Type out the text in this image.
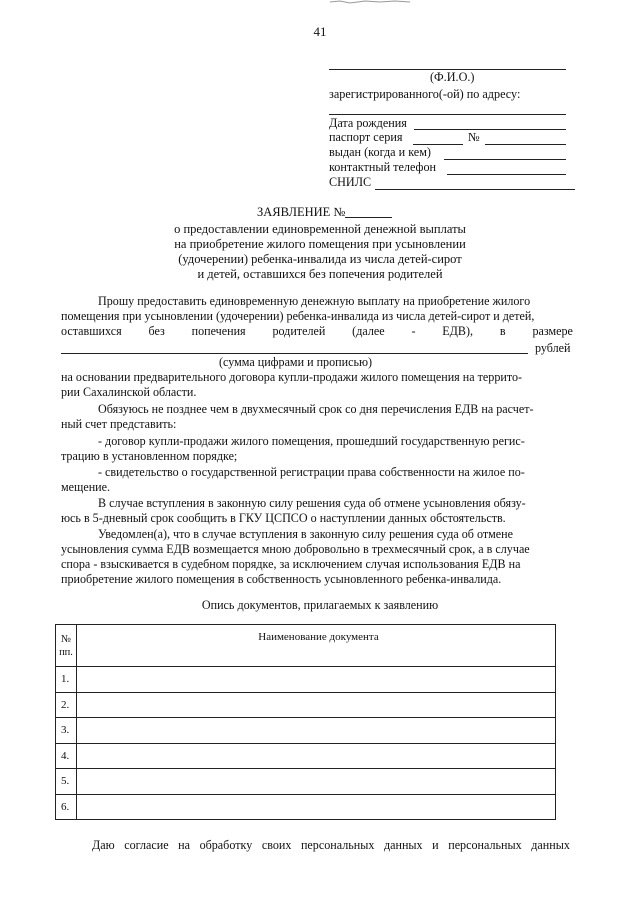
41
(Ф.И.О.)
зарегистрированного(-ой) по адресу:
Дата рождения
паспорт серия	№
выдан (когда и кем)
контактный телефон
СНИЛС
ЗАЯВЛЕНИЕ №
о предоставлении единовременной денежной выплаты
на приобретение жилого помещения при усыновлении
(удочерении) ребенка-инвалида из числа детей-сирот
и детей, оставшихся без попечения родителей
Прошу предоставить единовременную денежную выплату на приобретение жилого
помещения при усыновлении (удочерении) ребенка-инвалида из числа детей-сирот и детей,
оставшихся без попечения родителей (далее - ЕДВ), в размере
рублей
(сумма цифрами и прописью)
на основании предварительного договора купли-продажи жилого помещения на террито-
рии Сахалинской области.
Обязуюсь не позднее чем в двухмесячный срок со дня перечисления ЕДВ на расчет-
ный счет представить:
- договор купли-продажи жилого помещения, прошедший государственную регис-
трацию в установленном порядке;
- свидетельство о государственной регистрации права собственности на жилое по-
мещение.
В случае вступления в законную силу решения суда об отмене усыновления обязу-
юсь в 5-дневный срок сообщить в ГКУ ЦСПСО о наступлении данных обстоятельств.
Уведомлен(а), что в случае вступления в законную силу решения суда об отмене
усыновления сумма ЕДВ возмещается мною добровольно в трехмесячный срок, а в случае
спора - взыскивается в судебном порядке, за исключением случая использования ЕДВ на
приобретение жилого помещения в собственность усыновленного ребенка-инвалида.
Опись документов, прилагаемых к заявлению
№ пп.	Наименование документа
1.	
2.	
3.	
4.	
5.	
6.	
Даю согласие на обработку своих персональных данных и персональных данных
